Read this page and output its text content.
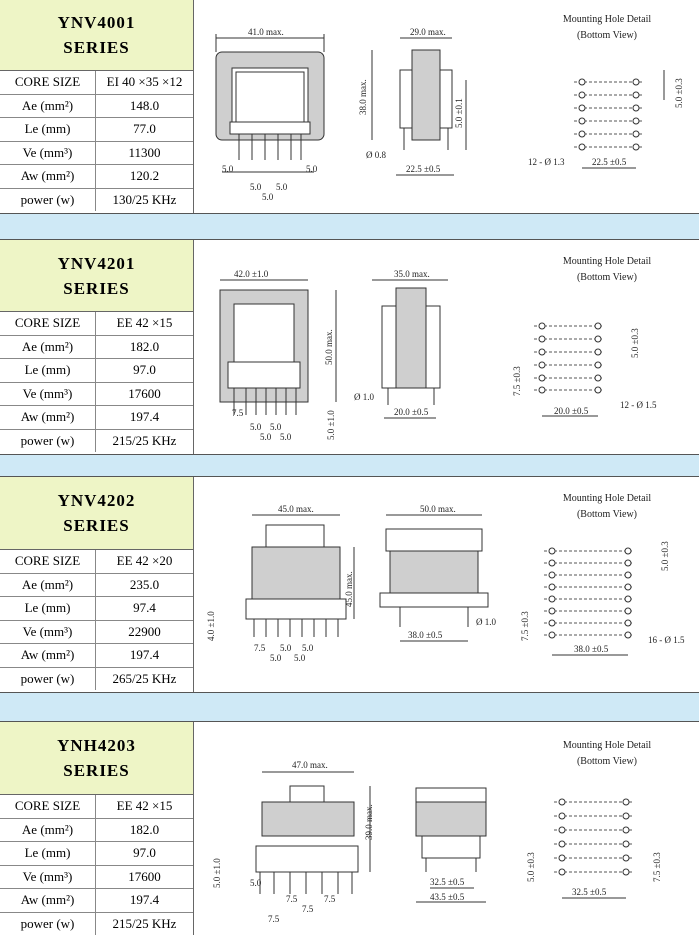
YNV4001
SERIES
CORE SIZE	EI 40 ×35 ×12
Ae (mm²)	148.0
Le (mm)	77.0
Ve (mm³)	11300
Aw (mm²)	120.2
power (w)	130/25 KHz
41.0 max.	29.0 max.
38.0 max.	5.0 ±0.1
Ø 0.8
22.5 ±0.5
5.0
5.0 5.0
5.0
5.0
5.0 ±0.3
12 - Ø 1.3	22.5 ±0.5
Mounting Hole Detail
(Bottom View)
YNV4201
SERIES
CORE SIZE	EE 42 ×15
Ae (mm²)	182.0
Le (mm)	97.0
Ve (mm³)	17600
Aw (mm²)	197.4
power (w)	215/25 KHz
42.0 ±1.0	35.0 max.
50.0 max.
5.0 ±1.0
Ø 1.0
20.0 ±0.5
7.5
5.0 5.0
5.0 5.0
5.0 ±0.3
7.5 ±0.3
12 - Ø 1.5
20.0 ±0.5
Mounting Hole Detail
(Bottom View)
YNV4202
SERIES
CORE SIZE	EE 42 ×20
Ae (mm²)	235.0
Le (mm)	97.4
Ve (mm³)	22900
Aw (mm²)	197.4
power (w)	265/25 KHz
45.0 max.	50.0 max.
45.0 max.
4.0 ±1.0	Ø 1.0
38.0 ±0.5
7.5 5.0 5.0
5.0 5.0
5.0 ±0.3
7.5 ±0.3	16 - Ø 1.5
38.0 ±0.5
Mounting Hole Detail
(Bottom View)
YNH4203
SERIES
CORE SIZE	EE 42 ×15
Ae (mm²)	182.0
Le (mm)	97.0
Ve (mm³)	17600
Aw (mm²)	197.4
power (w)	215/25 KHz
47.0 max.
32.5 ±0.5
43.5 ±0.5
39.0 max.
5.0 ±1.0	5.0
7.5	7.5
7.5
7.5
5.0 ±0.3	7.5 ±0.3
32.5 ±0.5
Mounting Hole Detail
(Bottom View)
